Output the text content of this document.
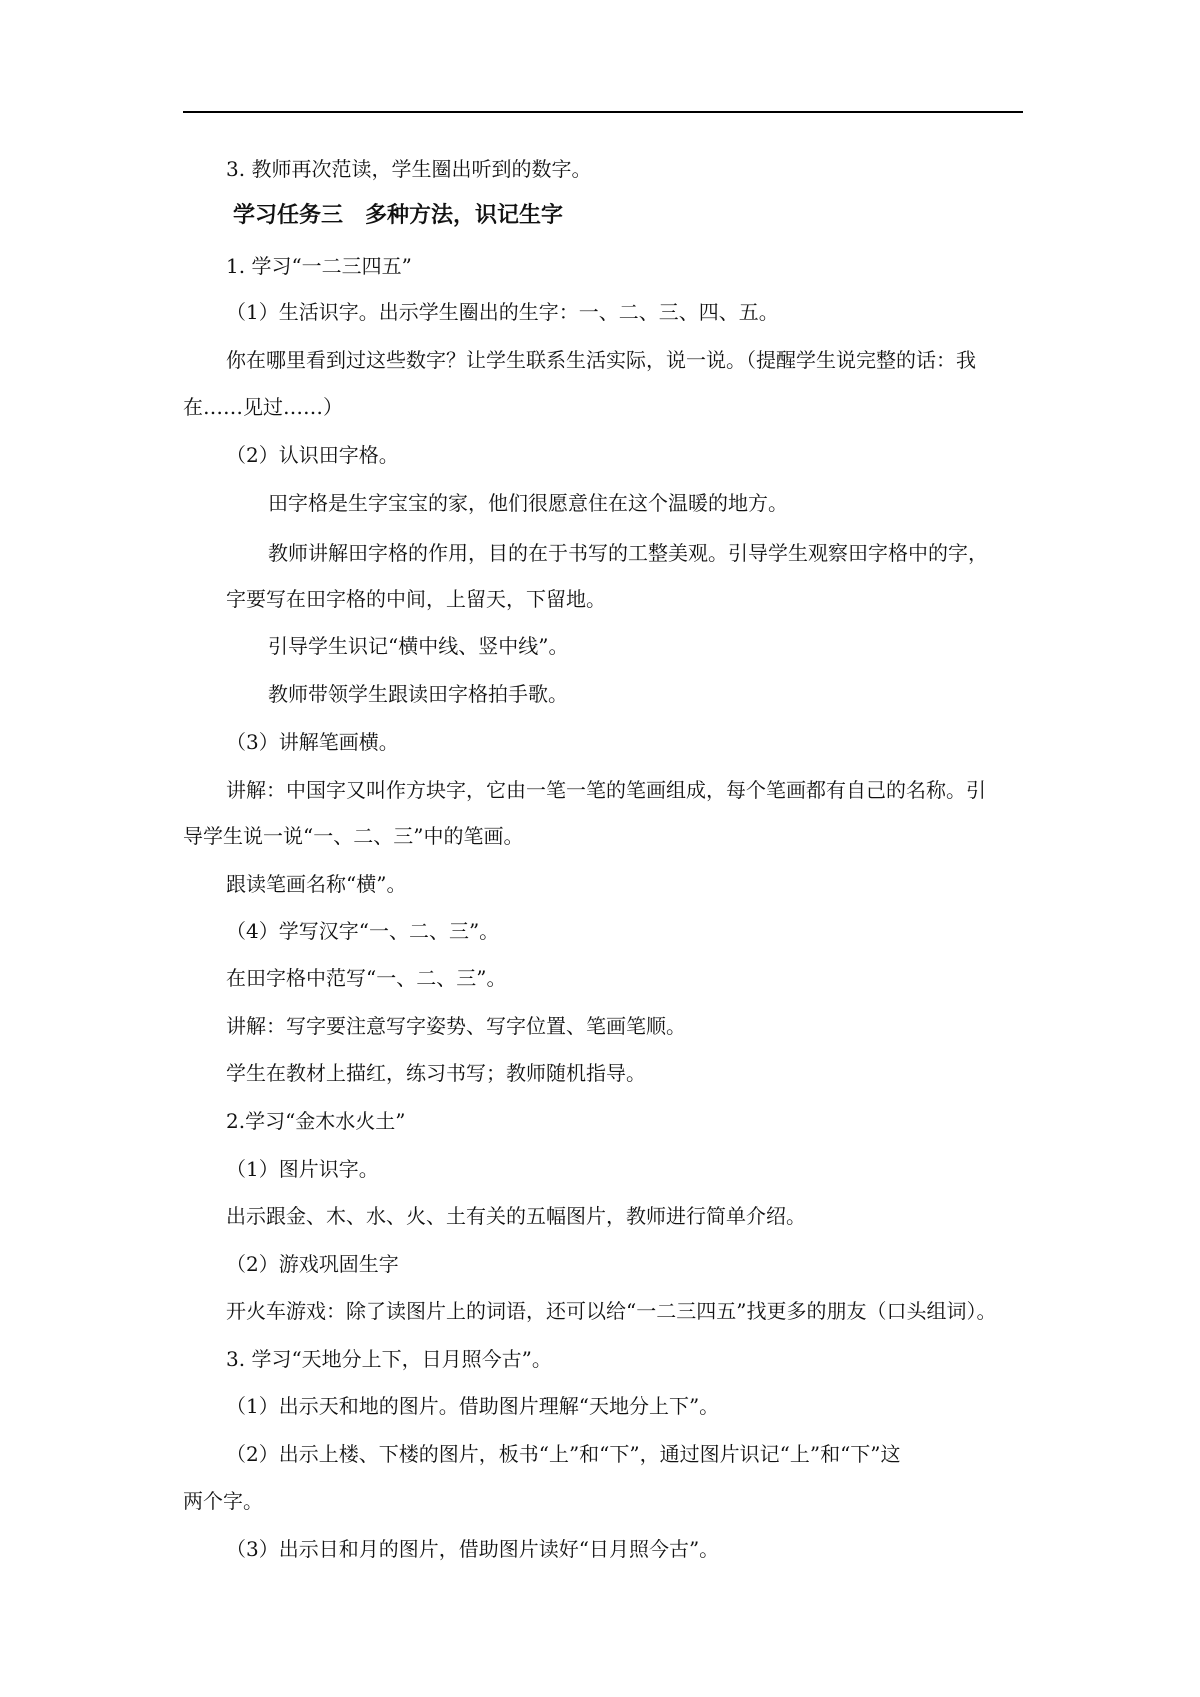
3. 教师再次范读，学生圈出听到的数字。
学习任务三　多种方法，识记生字
1. 学习“一二三四五”
（1）生活识字。出示学生圈出的生字：一、二、三、四、五。
你在哪里看到过这些数字？让学生联系生活实际，说一说。（提醒学生说完整的话：我
在……见过……）
（2）认识田字格。
田字格是生字宝宝的家，他们很愿意住在这个温暖的地方。
教师讲解田字格的作用，目的在于书写的工整美观。引导学生观察田字格中的字，
字要写在田字格的中间，上留天，下留地。
引导学生识记“横中线、竖中线”。
教师带领学生跟读田字格拍手歌。
（3）讲解笔画横。
讲解：中国字又叫作方块字，它由一笔一笔的笔画组成，每个笔画都有自己的名称。引
导学生说一说“一、二、三”中的笔画。
跟读笔画名称“横”。
（4）学写汉字“一、二、三”。
在田字格中范写“一、二、三”。
讲解：写字要注意写字姿势、写字位置、笔画笔顺。
学生在教材上描红，练习书写；教师随机指导。
2.学习“金木水火土”
（1）图片识字。
出示跟金、木、水、火、土有关的五幅图片，教师进行简单介绍。
（2）游戏巩固生字
开火车游戏：除了读图片上的词语，还可以给“一二三四五”找更多的朋友（口头组词）。
3. 学习“天地分上下，日月照今古”。
（1）出示天和地的图片。借助图片理解“天地分上下”。
（2）出示上楼、下楼的图片，板书“上”和“下”，通过图片识记“上”和“下”这
两个字。
（3）出示日和月的图片，借助图片读好“日月照今古”。
